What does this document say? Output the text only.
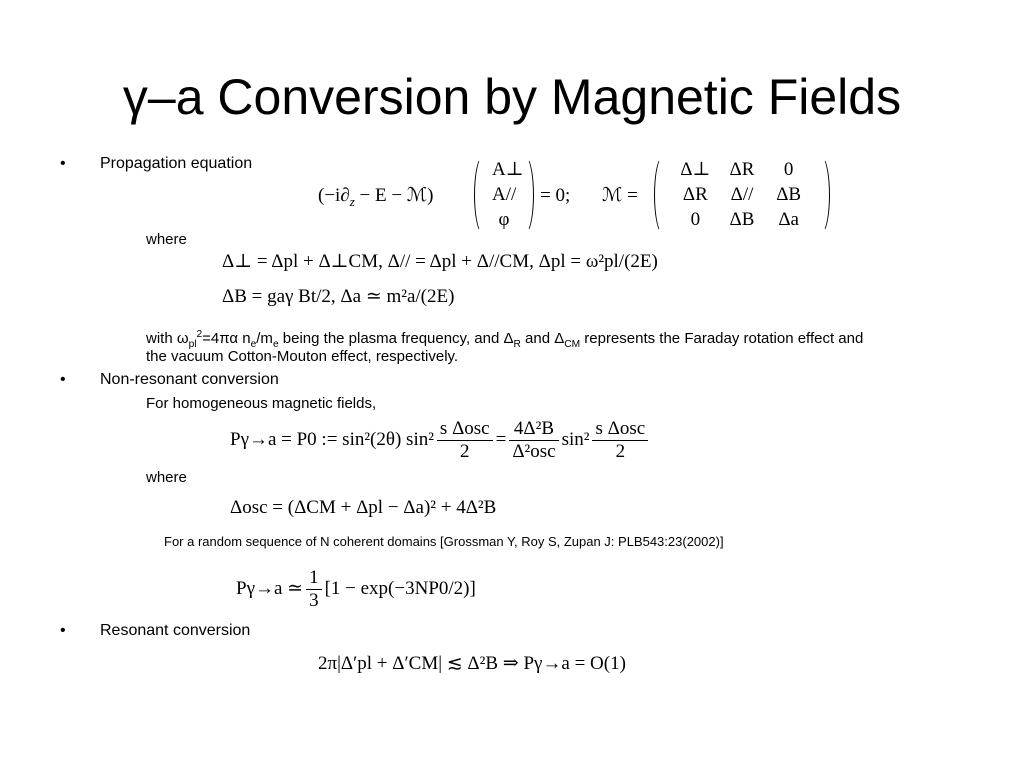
γ–a Conversion by Magnetic Fields
• Propagation equation
($-i\partial_z - E$ − ℳ)
A⊥
A//
φ
= 0; ℳ =
Δ⊥	ΔR	0
ΔR	Δ//	ΔB
0	ΔB	Δa
where
Δ⊥ = Δpl + Δ⊥CM, Δ// = Δpl + Δ//CM, Δpl = ω²pl/(2E)
ΔB = gaγ Bt/2, Δa ≃ m²a/(2E)
with $\omega_{pl}^2=4\pi\alpha$ $n_e/m_e$ being the plasma frequency, and $\Delta_R$ and $\Delta_{CM}$ represents the Faraday rotation effect and
the vacuum Cotton-Mouton effect, respectively.
• Non-resonant conversion
For homogeneous magnetic fields,
Pγ→a = P0 := sin²(2θ) $\sin^2 \frac{\text{s Δosc}}{2} = \frac{\text{4Δ²B}}{\text{Δ²osc}} \sin^2 \frac{\text{s Δosc}}{2}$
where
Δosc = (ΔCM + Δpl − Δa)² + 4Δ²B
For a random sequence of N coherent domains [Grossman Y, Roy S, Zupan J: PLB543:23(2002)]
Pγ→a ≃ $\frac{1}{3} [1 - \exp(-3NP0/2)]$
• Resonant conversion
2π|Δ′pl + Δ′CM| ≲ Δ²B ⇒ Pγ→a = O(1)
